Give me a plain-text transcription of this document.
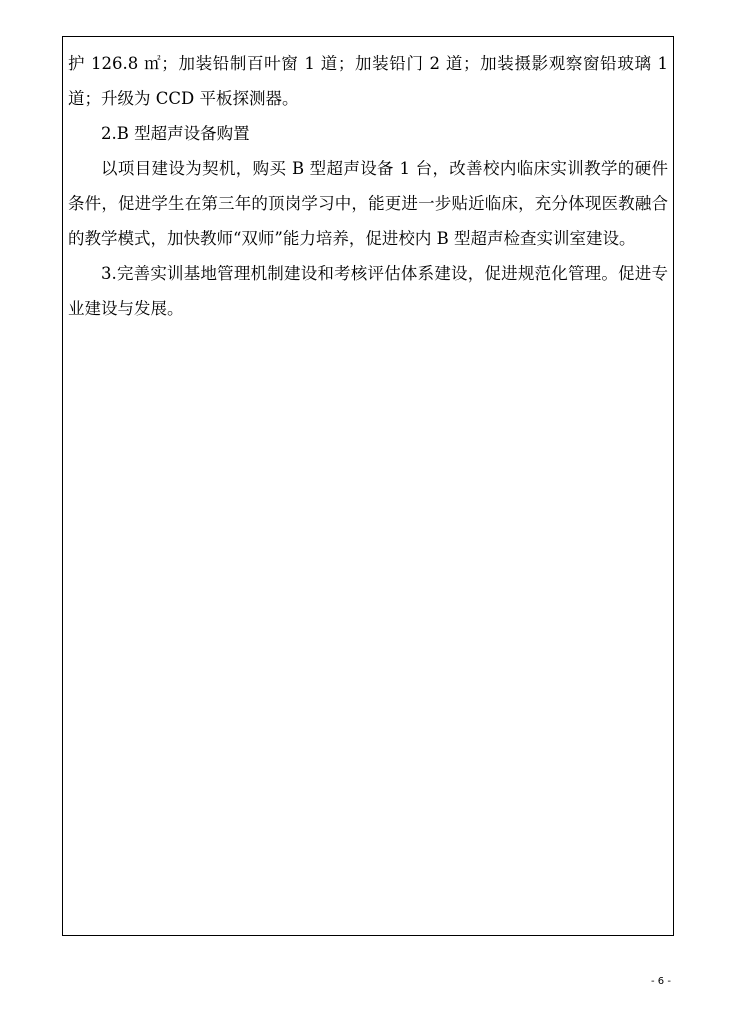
护 126.8 ㎡；加装铅制百叶窗 1 道；加装铅门 2 道；加装摄影观察窗铅玻璃 1 道；升级为 CCD 平板探测器。

2.B 型超声设备购置

以项目建设为契机，购买 B 型超声设备 1 台，改善校内临床实训教学的硬件条件，促进学生在第三年的顶岗学习中，能更进一步贴近临床，充分体现医教融合的教学模式，加快教师“双师”能力培养，促进校内 B 型超声检查实训室建设。

3.完善实训基地管理机制建设和考核评估体系建设，促进规范化管理。促进专业建设与发展。

- 6 -
